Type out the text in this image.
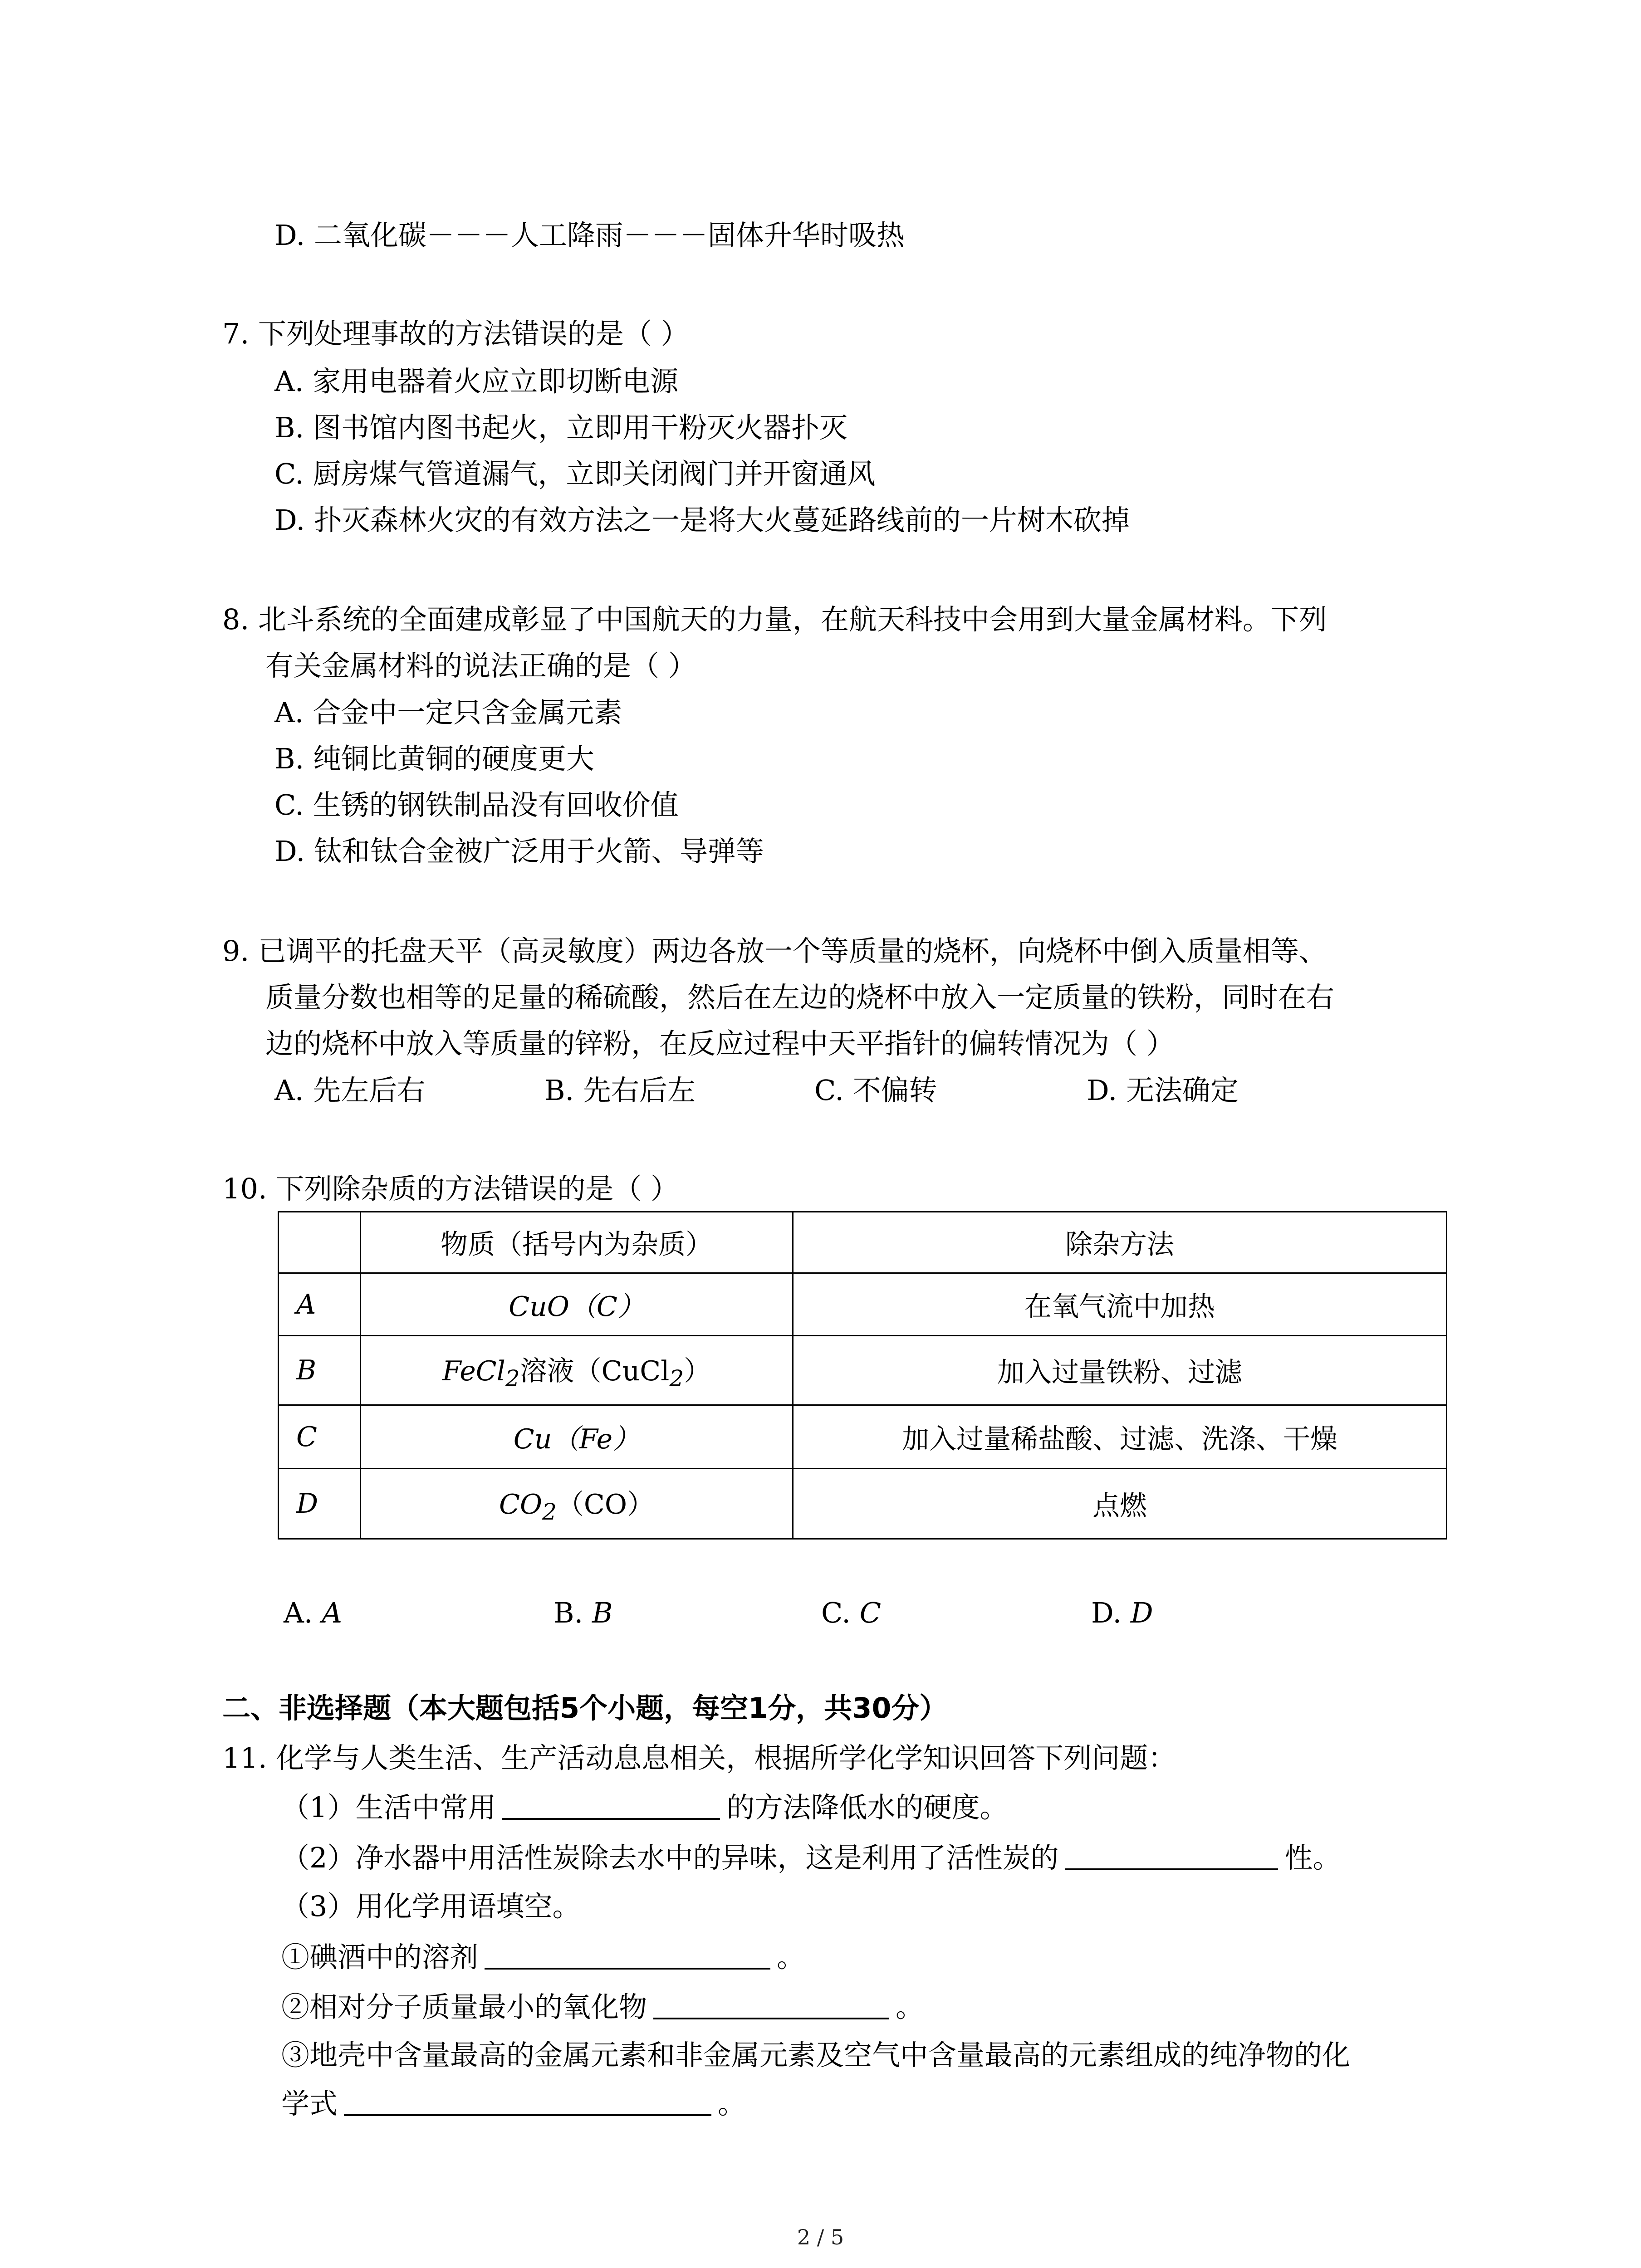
D. 二氧化碳－－－人工降雨－－－固体升华时吸热
7. 下列处理事故的方法错误的是（ ）
A. 家用电器着火应立即切断电源
B. 图书馆内图书起火，立即用干粉灭火器扑灭
C. 厨房煤气管道漏气，立即关闭阀门并开窗通风
D. 扑灭森林火灾的有效方法之一是将大火蔓延路线前的一片树木砍掉
8. 北斗系统的全面建成彰显了中国航天的力量，在航天科技中会用到大量金属材料。下列
有关金属材料的说法正确的是（ ）
A. 合金中一定只含金属元素
B. 纯铜比黄铜的硬度更大
C. 生锈的钢铁制品没有回收价值
D. 钛和钛合金被广泛用于火箭、导弹等
9. 已调平的托盘天平（高灵敏度）两边各放一个等质量的烧杯，向烧杯中倒入质量相等、
质量分数也相等的足量的稀硫酸，然后在左边的烧杯中放入一定质量的铁粉，同时在右
边的烧杯中放入等质量的锌粉，在反应过程中天平指针的偏转情况为（ ）
A. 先左后右	B. 先右后左	C. 不偏转	D. 无法确定
10. 下列除杂质的方法错误的是（ ）
	物质（括号内为杂质）	除杂方法
A	CuO（C）	在氧气流中加热
B	FeCl$_2$溶液（CuCl$_2$）	加入过量铁粉、过滤
C	Cu（Fe）	加入过量稀盐酸、过滤、洗涤、干燥
D	$CO_2(CO)$	点燃
A. A	B. B	C. C	D. D
二、非选择题（本大题包括5个小题，每空1分，共30分）
11. 化学与人类生活、生产活动息息相关，根据所学化学知识回答下列问题：
（1）生活中常用	的方法降低水的硬度。
（2）净水器中用活性炭除去水中的异味，这是利用了活性炭的	性。
（3）用化学用语填空。
①碘酒中的溶剂	。
②相对分子质量最小的氧化物	。
③地壳中含量最高的金属元素和非金属元素及空气中含量最高的元素组成的纯净物的化
学式	。
2 / 5
